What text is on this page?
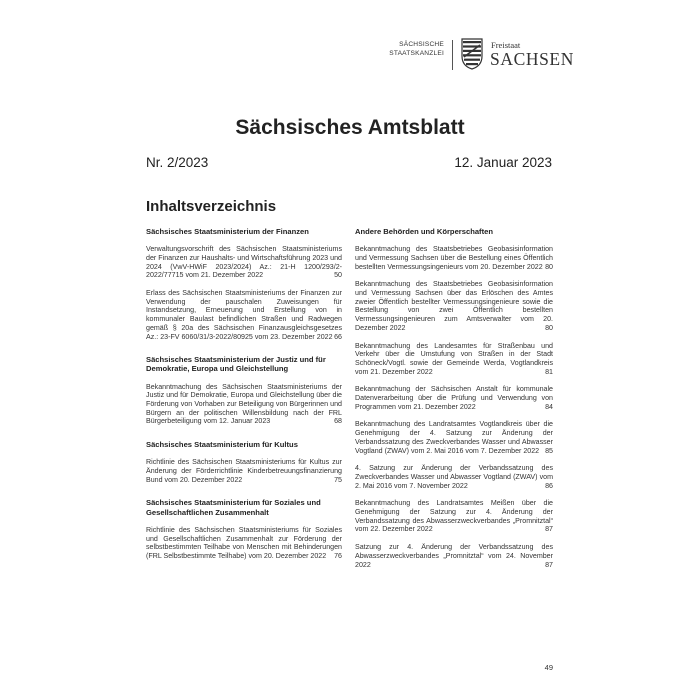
SÄCHSISCHE
STAATSKANZLEI
Freistaat
SACHSEN
Sächsisches Amtsblatt
Nr. 2/2023	12. Januar 2023
Inhaltsverzeichnis
Sächsisches Staatsministerium der Finanzen
Verwaltungsvorschrift des Sächsischen Staatsministeriums der Finanzen zur Haushalts- und Wirtschaftsführung 2023 und 2024 (VwV-HWiF 2023/2024) Az.: 21-H 1200/293/2-2022/77715 vom 21. Dezember 2022	50
Erlass des Sächsischen Staatsministeriums der Finanzen zur Verwendung der pauschalen Zuweisungen für Instandsetzung, Erneuerung und Erstellung von in kommunaler Baulast befindlichen Straßen und Radwegen gemäß § 20a des Sächsischen Finanzausgleichsgesetzes Az.: 23-FV 6060/31/3-2022/80925 vom 23. Dezember 2022 66
Sächsisches Staatsministerium der Justiz und für Demokratie, Europa und Gleichstellung
Bekanntmachung des Sächsischen Staatsministeriums der Justiz und für Demokratie, Europa und Gleichstellung über die Förderung von Vorhaben zur Beteiligung von Bürgerinnen und Bürgern an der politischen Willensbildung nach der FRL Bürgerbeteiligung vom 12. Januar 2023	68
Sächsisches Staatsministerium für Kultus
Richtlinie des Sächsischen Staatsministeriums für Kultus zur Änderung der Förderrichtlinie Kinderbetreuungsfinanzierung Bund vom 20. Dezember 2022	75
Sächsisches Staatsministerium für Soziales und Gesellschaftlichen Zusammenhalt
Richtlinie des Sächsischen Staatsministeriums für Soziales und Gesellschaftlichen Zusammenhalt zur Förderung der selbstbestimmten Teilhabe von Menschen mit Behinderungen (FRL Selbstbestimmte Teilhabe) vom 20. Dezember 2022 76
Andere Behörden und Körperschaften
Bekanntmachung des Staatsbetriebes Geobasisinformation und Vermessung Sachsen über die Bestellung eines Öffentlich bestellten Vermessungsingenieurs vom 20. Dezember 2022 80
Bekanntmachung des Staatsbetriebes Geobasisinformation und Vermessung Sachsen über das Erlöschen des Amtes zweier Öffentlich bestellter Vermessungsingenieure sowie die Bestellung von zwei Öffentlich bestellten Vermessungsingenieuren zum Amtsverwalter vom 20. Dezember 2022	80
Bekanntmachung des Landesamtes für Straßenbau und Verkehr über die Umstufung von Straßen in der Stadt Schöneck/Vogtl. sowie der Gemeinde Werda, Vogtlandkreis vom 21. Dezember 2022	81
Bekanntmachung der Sächsischen Anstalt für kommunale Datenverarbeitung über die Prüfung und Verwendung von Programmen vom 21. Dezember 2022	84
Bekanntmachung des Landratsamtes Vogtlandkreis über die Genehmigung der 4. Satzung zur Änderung der Verbandssatzung des Zweckverbandes Wasser und Abwasser Vogtland (ZWAV) vom 2. Mai 2016 vom 7. Dezember 2022 85
4. Satzung zur Änderung der Verbandssatzung des Zweckverbandes Wasser und Abwasser Vogtland (ZWAV) vom 2. Mai 2016 vom 7. November 2022	86
Bekanntmachung des Landratsamtes Meißen über die Genehmigung der Satzung zur 4. Änderung der Verbandssatzung des Abwasserzweckverbandes „Promnitztal“ vom 22. Dezember 2022	87
Satzung zur 4. Änderung der Verbandssatzung des Abwasserzweckverbandes „Promnitztal“ vom 24. November 2022	87
49
